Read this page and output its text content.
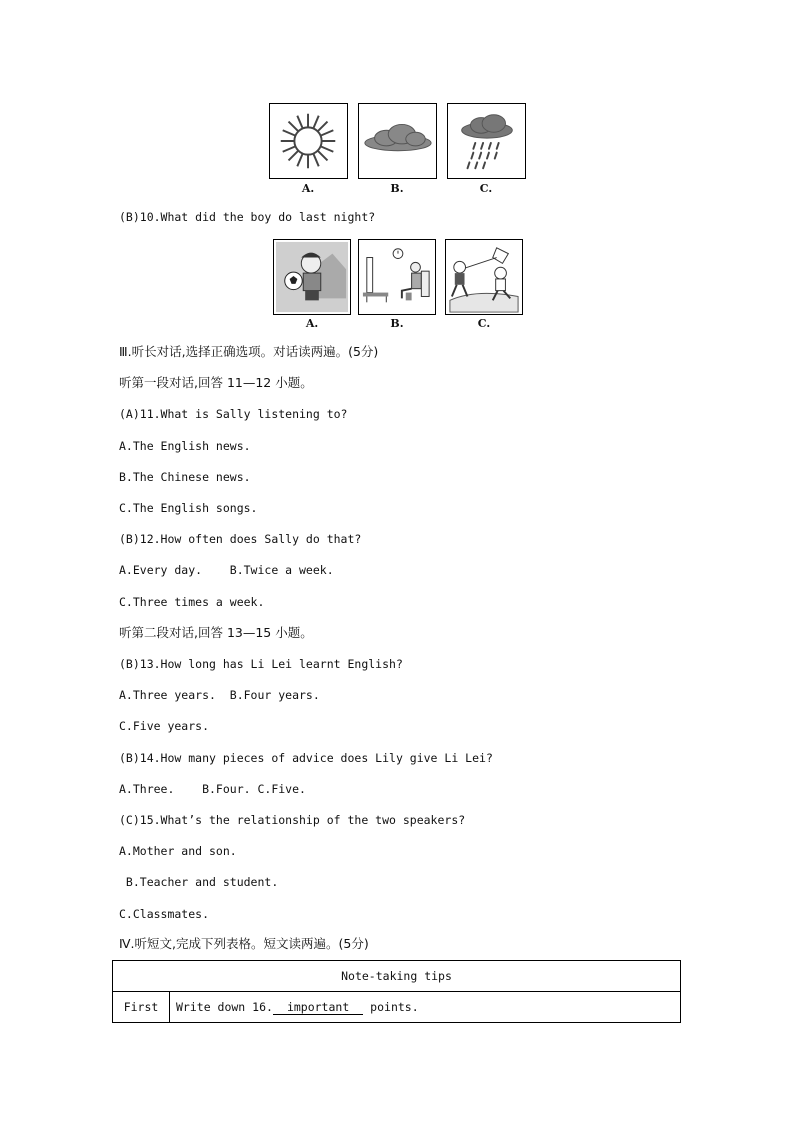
A.	B.	C.
(B)10.What did the boy do last night?
A.	B.	C.
Ⅲ.听长对话,选择正确选项。对话读两遍。(5分)
听第一段对话,回答 11—12 小题。
(A)11.What is Sally listening to?
A.The English news.
B.The Chinese news.
C.The English songs.
(B)12.How often does Sally do that?
A.Every day.    B.Twice a week.
C.Three times a week.
听第二段对话,回答 13—15 小题。
(B)13.How long has Li Lei learnt English?
A.Three years.  B.Four years.
C.Five years.
(B)14.How many pieces of advice does Lily give Li Lei?
A.Three.    B.Four. C.Five.
(C)15.What’s the relationship of the two speakers?
A.Mother and son.
B.Teacher and student.
C.Classmates.
Ⅳ.听短文,完成下列表格。短文读两遍。(5分)
Note-taking tips
First	Write down 16. important points.
